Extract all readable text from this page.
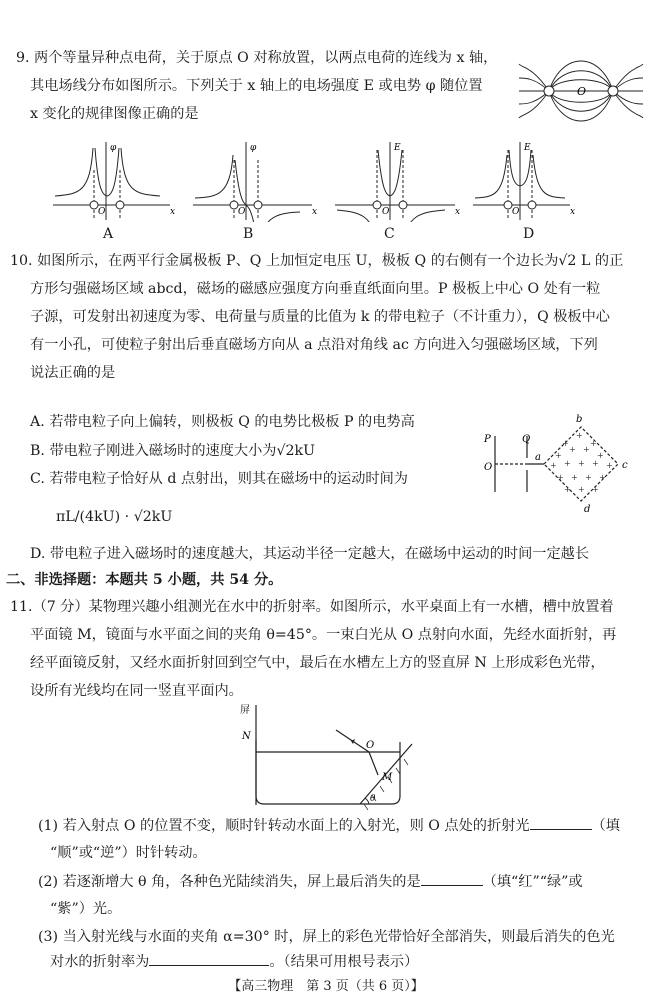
9. 两个等量异种点电荷，关于原点 O 对称放置，以两点电荷的连线为 x 轴，
其电场线分布如图所示。下列关于 x 轴上的电场强度 E 或电势 φ 随位置
x 变化的规律图像正确的是
O
φ
x
O
φ
x
O
E
x
O
E
x
O
A	B	C	D
10. 如图所示，在两平行金属极板 P、Q 上加恒定电压 U，极板 Q 的右侧有一个边长为√2 L 的正
方形匀强磁场区域 abcd，磁场的磁感应强度方向垂直纸面向里。P 极板上中心 O 处有一粒
子源，可发射出初速度为零、电荷量与质量的比值为 k 的带电粒子（不计重力），Q 极板中心
有一小孔，可使粒子射出后垂直磁场方向从 a 点沿对角线 ac 方向进入匀强磁场区域，下列
说法正确的是
A. 若带电粒子向上偏转，则极板 Q 的电势比极板 P 的电势高
B. 带电粒子刚进入磁场时的速度大小为√2kU
C. 若带电粒子恰好从 d 点射出，则其在磁场中的运动时间为
πL/(4kU) · √2kU
D. 带电粒子进入磁场时的速度越大，其运动半径一定越大，在磁场中运动的时间一定越长
+
+
+
+
+ +
+
+ + + + +
+ + + +
+ + +
P	Q
O
a
b
c
d
二、非选择题：本题共 5 小题，共 54 分。
11.（7 分）某物理兴趣小组测光在水中的折射率。如图所示，水平桌面上有一水槽，槽中放置着
平面镜 M，镜面与水平面之间的夹角 θ=45°。一束白光从 O 点射向水面，先经水面折射，再
经平面镜反射，又经水面折射回到空气中，最后在水槽左上方的竖直屏 N 上形成彩色光带，
设所有光线均在同一竖直平面内。
屏
N
O
M
θ
(1) 若入射点 O 的位置不变，顺时针转动水面上的入射光，则 O 点处的折射光	（填
“顺”或“逆”）时针转动。
(2) 若逐渐增大 θ 角，各种色光陆续消失，屏上最后消失的是	（填“红”“绿”或
“紫”）光。
(3) 当入射光线与水面的夹角 α=30° 时，屏上的彩色光带恰好全部消失，则最后消失的色光
对水的折射率为	。（结果可用根号表示）
【高三物理　第 3 页（共 6 页）】
